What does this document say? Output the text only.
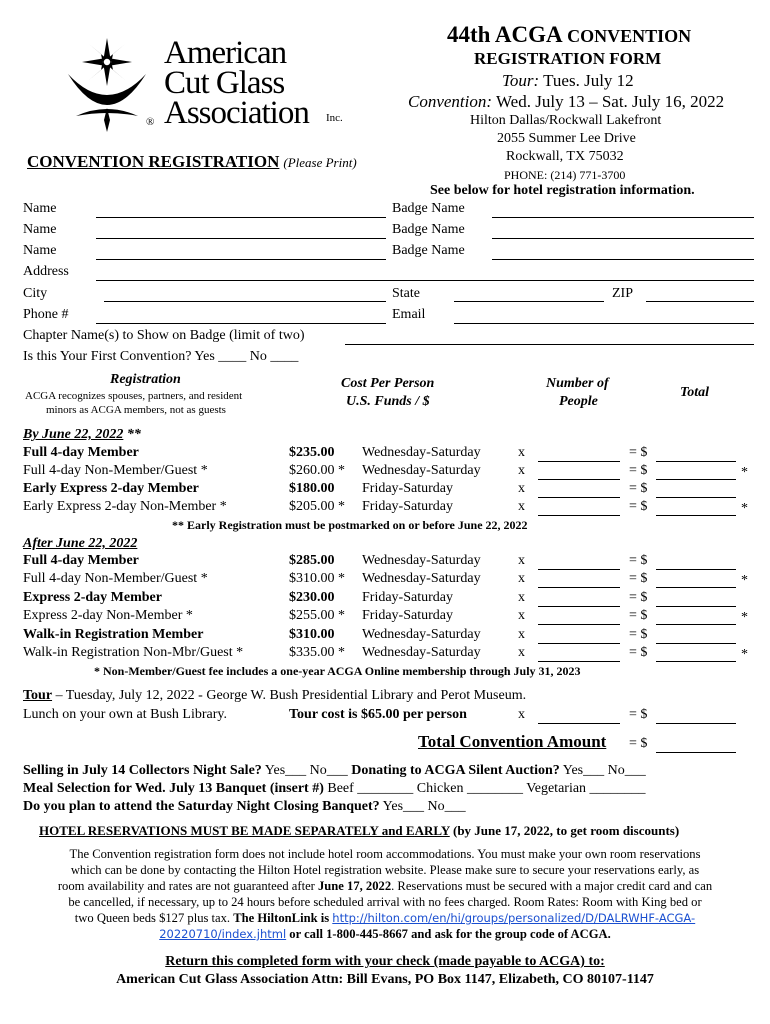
American
Cut Glass
Association Inc.
®
44th ACGA CONVENTION
REGISTRATION FORM
Tour: Tues. July 12
Convention: Wed. July 13 – Sat. July 16, 2022
Hilton Dallas/Rockwall Lakefront
2055 Summer Lee Drive
Rockwall, TX 75032
PHONE: (214) 771-3700
See below for hotel registration information.
CONVENTION REGISTRATION (Please Print)
Name	Badge Name
Name	Badge Name
Name	Badge Name
Address
City	State	ZIP
Phone #	Email
Chapter Name(s) to Show on Badge (limit of two)
Is this Your First Convention? Yes ____ No ____
Registration
ACGA recognizes spouses, partners, and resident
minors as ACGA members, not as guests
Cost Per Person
U.S. Funds / $
Number of
People
Total
By June 22, 2022 **
Full 4-day Member	$235.00 Wednesday-Saturday	x	= $
Full 4-day Non-Member/Guest *	$260.00 * Wednesday-Saturday	x	= $	*
Early Express 2-day Member	$180.00 Friday-Saturday	x	= $
Early Express 2-day Non-Member *	$205.00 * Friday-Saturday	x	= $	*
** Early Registration must be postmarked on or before June 22, 2022
After June 22, 2022
Full 4-day Member	$285.00 Wednesday-Saturday	x	= $
Full 4-day Non-Member/Guest *	$310.00 * Wednesday-Saturday	x	= $	*
Express 2-day Member	$230.00 Friday-Saturday	x	= $
Express 2-day Non-Member *	$255.00 * Friday-Saturday	x	= $	*
Walk-in Registration Member	$310.00 Wednesday-Saturday	x	= $
Walk-in Registration Non-Mbr/Guest *	$335.00 * Wednesday-Saturday	x	= $	*
* Non-Member/Guest fee includes a one-year ACGA Online membership through July 31, 2023
Tour – Tuesday, July 12, 2022 - George W. Bush Presidential Library and Perot Museum.
Lunch on your own at Bush Library.	Tour cost is $65.00 per person	x	= $
Total Convention Amount = $
Selling in July 14 Collectors Night Sale? Yes___ No___ Donating to ACGA Silent Auction? Yes___ No___
Meal Selection for Wed. July 13 Banquet (insert #) Beef ________ Chicken ________ Vegetarian ________
Do you plan to attend the Saturday Night Closing Banquet? Yes___ No___
HOTEL RESERVATIONS MUST BE MADE SEPARATELY and EARLY (by June 17, 2022, to get room discounts)
The Convention registration form does not include hotel room accommodations. You must make your own room reservations
which can be done by contacting the Hilton Hotel registration website. Please make sure to secure your reservations early, as
room availability and rates are not guaranteed after June 17, 2022. Reservations must be secured with a major credit card and can
be cancelled, if necessary, up to 24 hours before scheduled arrival with no fees charged. Room Rates: Room with King bed or
two Queen beds $127 plus tax. The HiltonLink is http://hilton.com/en/hi/groups/personalized/D/DALRWHF-ACGA-
20220710/index.jhtml or call 1-800-445-8667 and ask for the group code of ACGA.
Return this completed form with your check (made payable to ACGA) to:
American Cut Glass Association Attn: Bill Evans, PO Box 1147, Elizabeth, CO 80107-1147
